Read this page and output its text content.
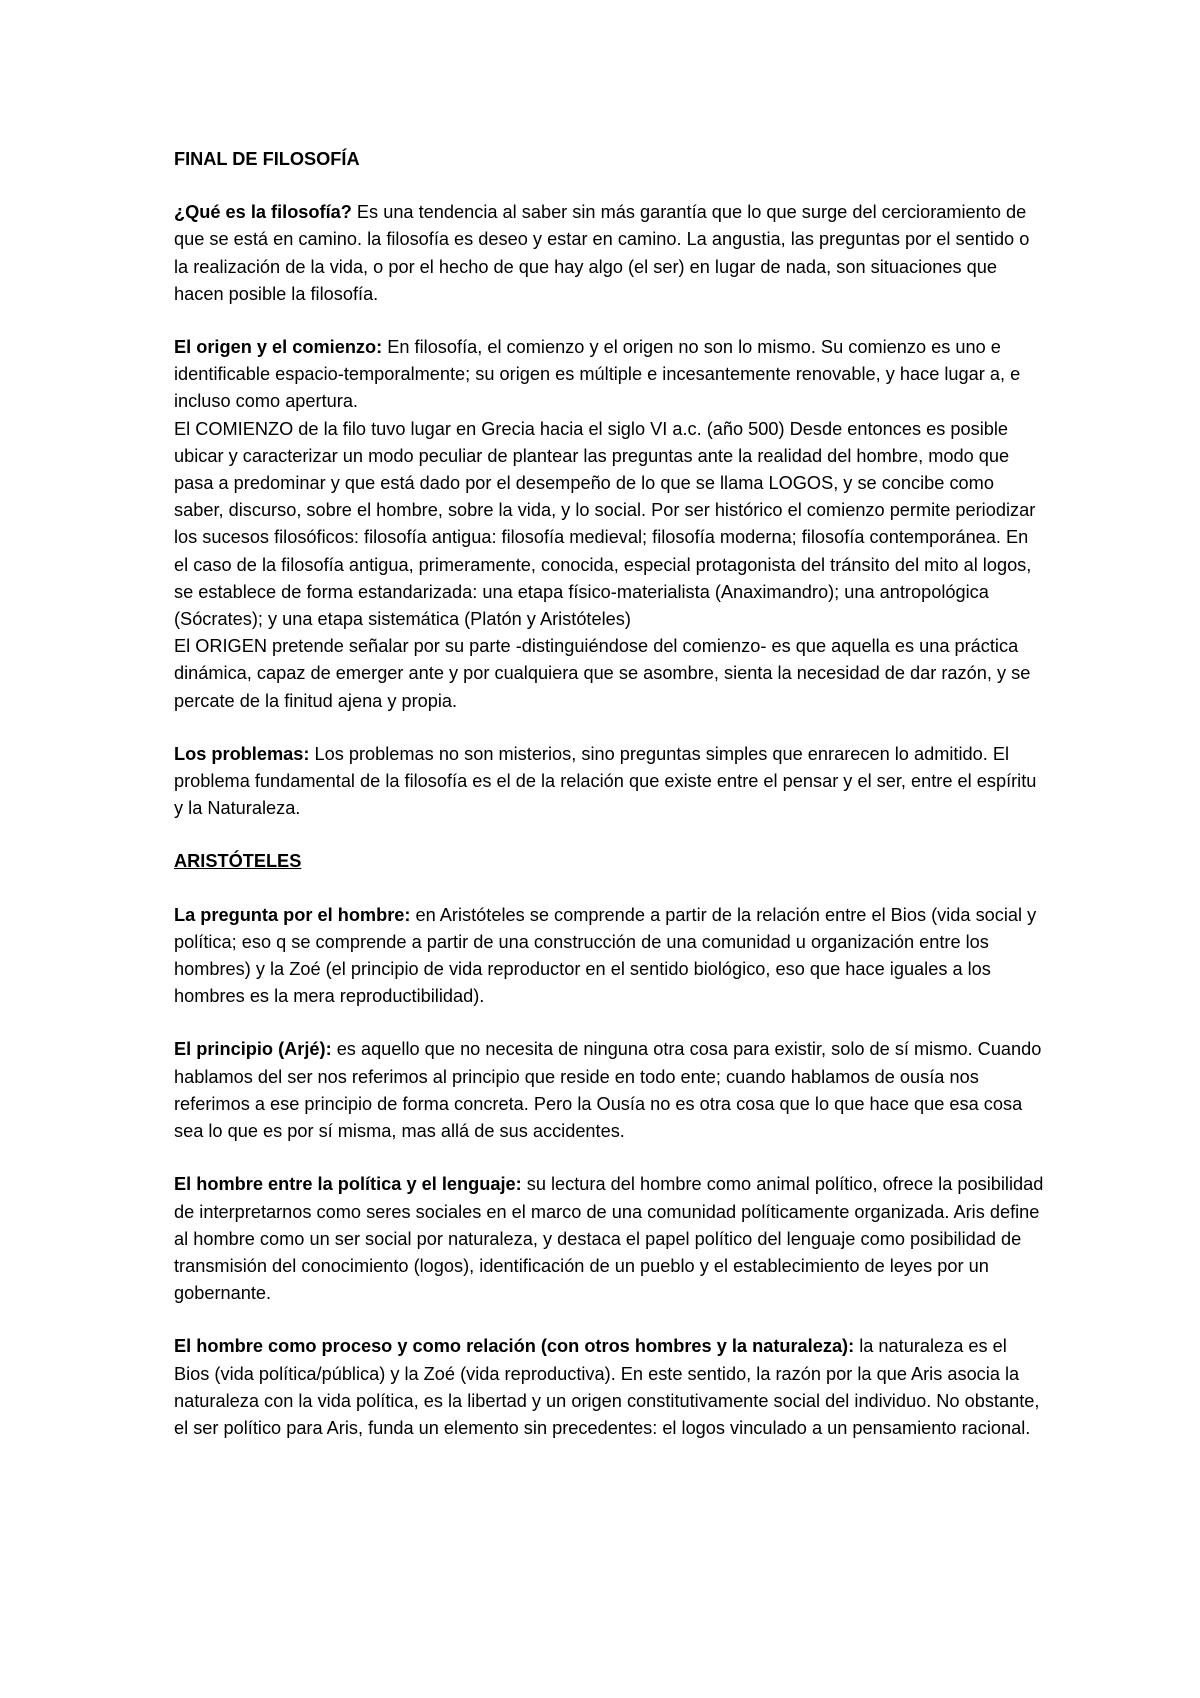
FINAL DE FILOSOFÍA

¿Qué es la filosofía? Es una tendencia al saber sin más garantía que lo que surge del cercioramiento de que se está en camino. la filosofía es deseo y estar en camino. La angustia, las preguntas por el sentido o la realización de la vida, o por el hecho de que hay algo (el ser) en lugar de nada, son situaciones que hacen posible la filosofía.

El origen y el comienzo: En filosofía, el comienzo y el origen no son lo mismo. Su comienzo es uno e identificable espacio-temporalmente; su origen es múltiple e incesantemente renovable, y hace lugar a, e incluso como apertura.

El COMIENZO de la filo tuvo lugar en Grecia hacia el siglo VI a.c. (año 500) Desde entonces es posible ubicar y caracterizar un modo peculiar de plantear las preguntas ante la realidad del hombre, modo que pasa a predominar y que está dado por el desempeño de lo que se llama LOGOS, y se concibe como saber, discurso, sobre el hombre, sobre la vida, y lo social. Por ser histórico el comienzo permite periodizar los sucesos filosóficos: filosofía antigua: filosofía medieval; filosofía moderna; filosofía contemporánea. En el caso de la filosofía antigua, primeramente, conocida, especial protagonista del tránsito del mito al logos, se establece de forma estandarizada: una etapa físico-materialista (Anaximandro); una antropológica (Sócrates); y una etapa sistemática (Platón y Aristóteles)

El ORIGEN pretende señalar por su parte -distinguiéndose del comienzo- es que aquella es una práctica dinámica, capaz de emerger ante y por cualquiera que se asombre, sienta la necesidad de dar razón, y se percate de la finitud ajena y propia.

Los problemas: Los problemas no son misterios, sino preguntas simples que enrarecen lo admitido. El problema fundamental de la filosofía es el de la relación que existe entre el pensar y el ser, entre el espíritu y la Naturaleza.

ARISTÓTELES

La pregunta por el hombre: en Aristóteles se comprende a partir de la relación entre el Bios (vida social y política; eso q se comprende a partir de una construcción de una comunidad u organización entre los hombres) y la Zoé (el principio de vida reproductor en el sentido biológico, eso que hace iguales a los hombres es la mera reproductibilidad).

El principio (Arjé): es aquello que no necesita de ninguna otra cosa para existir, solo de sí mismo. Cuando hablamos del ser nos referimos al principio que reside en todo ente; cuando hablamos de ousía nos referimos a ese principio de forma concreta. Pero la Ousía no es otra cosa que lo que hace que esa cosa sea lo que es por sí misma, mas allá de sus accidentes.

El hombre entre la política y el lenguaje: su lectura del hombre como animal político, ofrece la posibilidad de interpretarnos como seres sociales en el marco de una comunidad políticamente organizada. Aris define al hombre como un ser social por naturaleza, y destaca el papel político del lenguaje como posibilidad de transmisión del conocimiento (logos), identificación de un pueblo y el establecimiento de leyes por un gobernante.

El hombre como proceso y como relación (con otros hombres y la naturaleza): la naturaleza es el Bios (vida política/pública) y la Zoé (vida reproductiva). En este sentido, la razón por la que Aris asocia la naturaleza con la vida política, es la libertad y un origen constitutivamente social del individuo. No obstante, el ser político para Aris, funda un elemento sin precedentes: el logos vinculado a un pensamiento racional.
